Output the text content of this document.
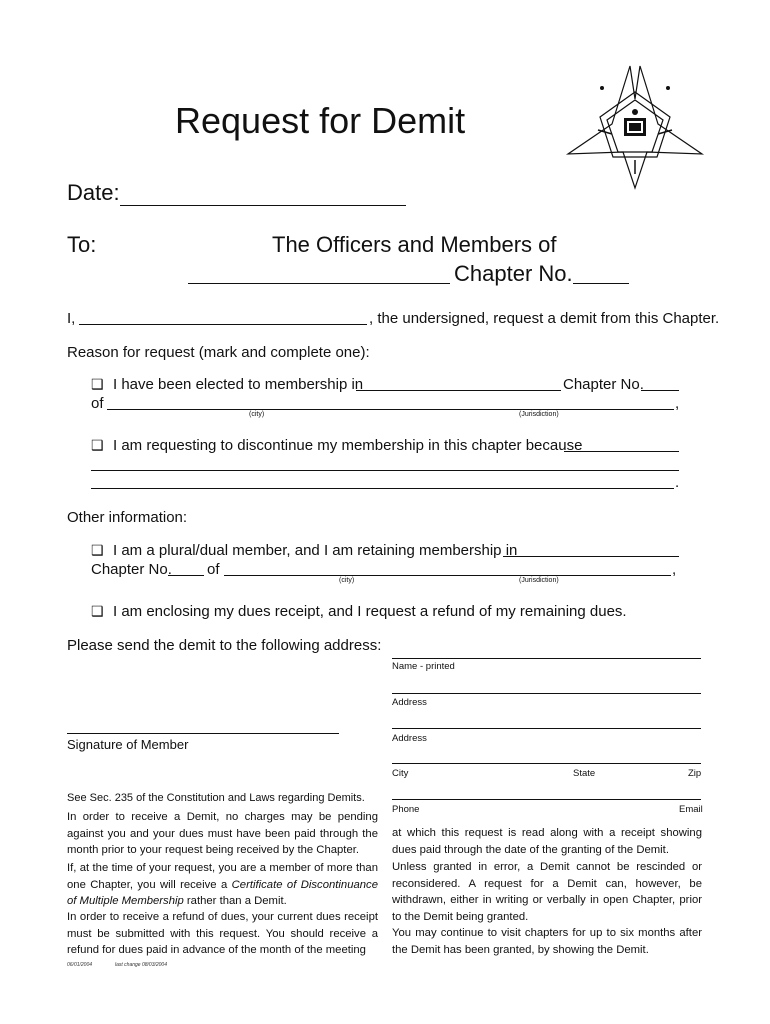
Request for Demit
Date:
To:	The Officers and Members of
Chapter No.
I,	, the undersigned, request a demit from this Chapter.
Reason for request (mark and complete one):
❑ I have been elected to membership in	Chapter No.
of	,
(city)	(Jurisdiction)
❑ I am requesting to discontinue my membership in this chapter because
.
Other information:
❑ I am a plural/dual member, and I am retaining membership in
Chapter No. of	,
(city)	(Jurisdiction)
❑ I am enclosing my dues receipt, and I request a refund of my remaining dues.
Please send the demit to the following address:
Name - printed
Address
Address
City	State	Zip
Phone	Email
Signature of Member
See Sec. 235 of the Constitution and Laws regarding Demits.
In order to receive a Demit, no charges may be pending against you and your dues must have been paid through the month prior to your request being received by the Chapter.
If, at the time of your request, you are a member of more than one Chapter, you will receive a Certificate of Discontinuance of Multiple Membership rather than a Demit.
In order to receive a refund of dues, your current dues receipt must be submitted with this request. You should receive a refund for dues paid in advance of the month of the meeting
at which this request is read along with a receipt showing dues paid through the date of the granting of the Demit.
Unless granted in error, a Demit cannot be rescinded or reconsidered. A request for a Demit can, however, be withdrawn, either in writing or verbally in open Chapter, prior to the Demit being granted.
You may continue to visit chapters for up to six months after the Demit has been granted, by showing the Demit.
06/01/2004	last change 08/03/2004
